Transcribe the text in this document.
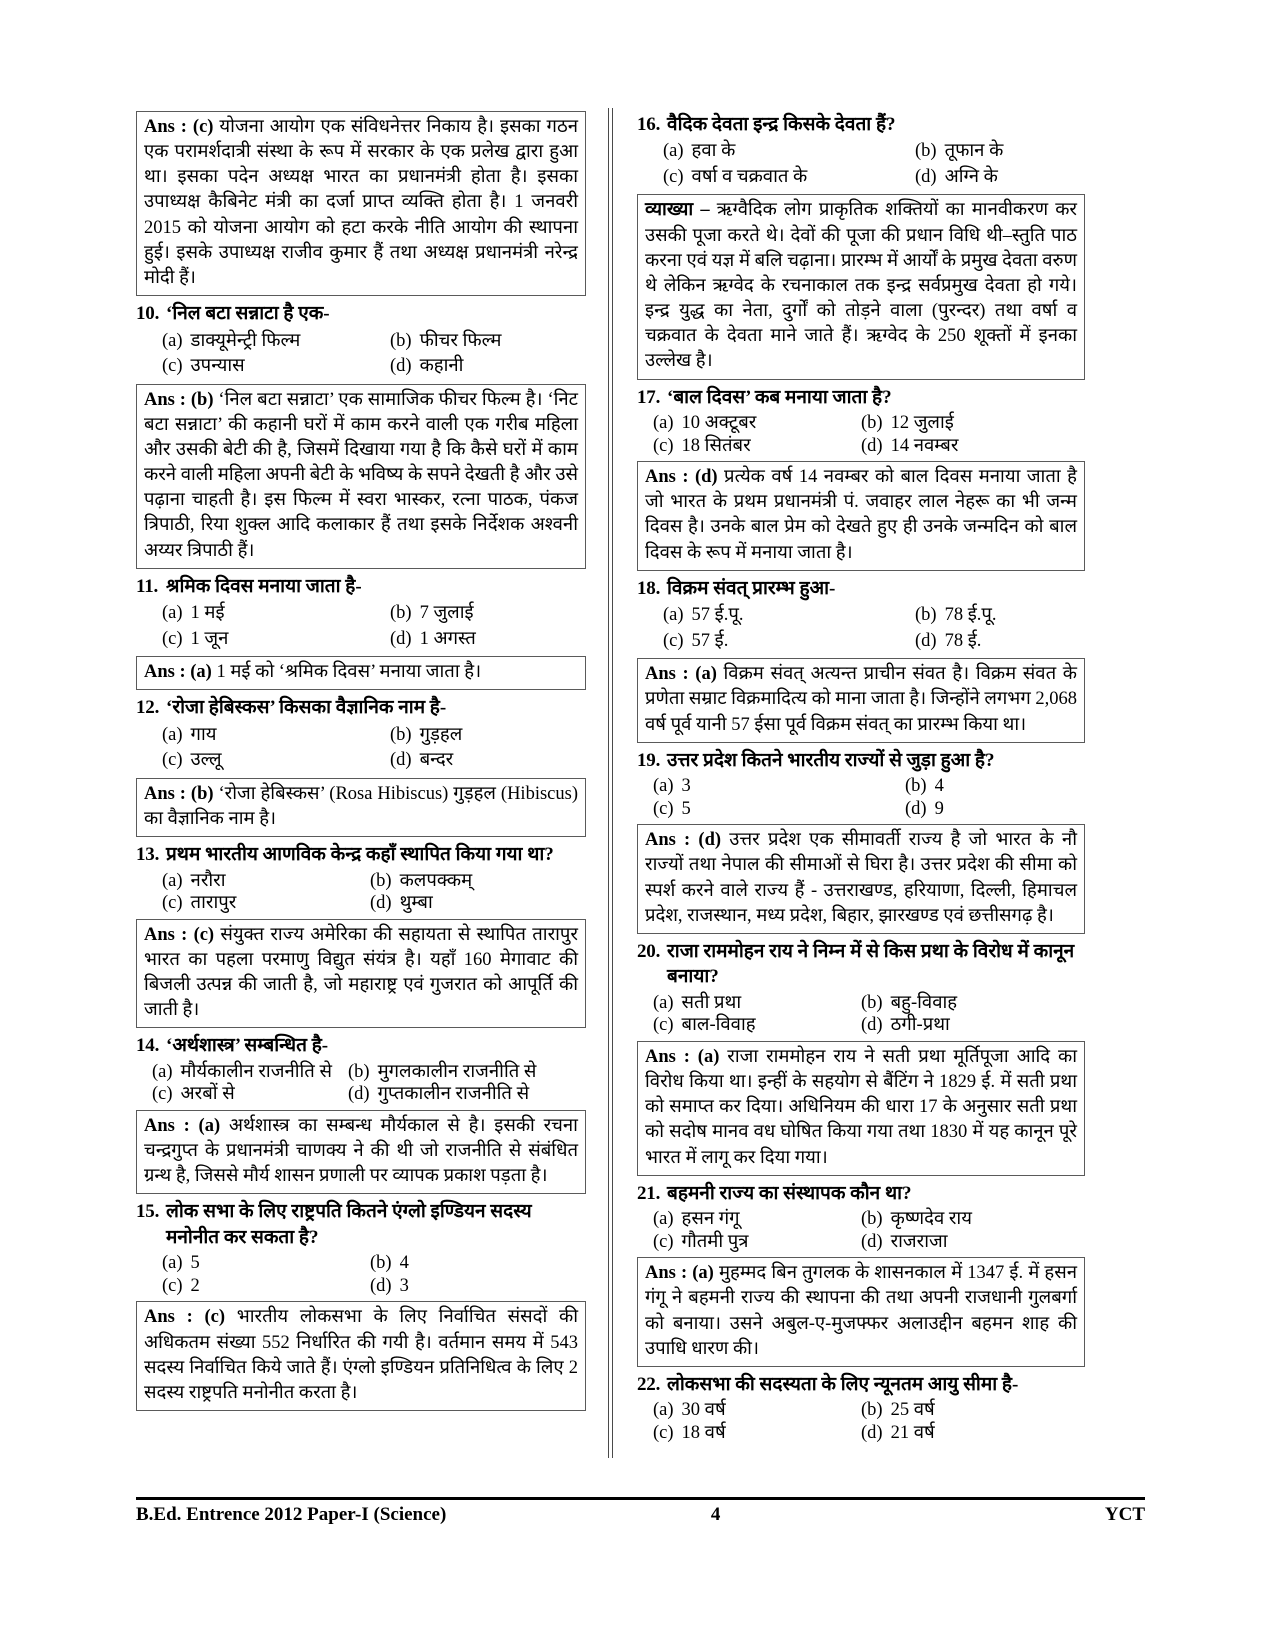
Ans : (c) योजना आयोग एक संविधनेत्तर निकाय है। इसका गठन एक परामर्शदात्री संस्था के रूप में सरकार के एक प्रलेख द्वारा हुआ था। इसका पदेन अध्यक्ष भारत का प्रधानमंत्री होता है। इसका उपाध्यक्ष कैबिनेट मंत्री का दर्जा प्राप्त व्यक्ति होता है। 1 जनवरी 2015 को योजना आयोग को हटा करके नीति आयोग की स्थापना हुई। इसके उपाध्यक्ष राजीव कुमार हैं तथा अध्यक्ष प्रधानमंत्री नरेन्द्र मोदी हैं।
10. ‘निल बटा सन्नाटा है एक-
(a) डाक्यूमेन्ट्री फिल्म	(b) फीचर फिल्म
(c) उपन्यास	(d) कहानी
Ans : (b) ‘निल बटा सन्नाटा’ एक सामाजिक फीचर फिल्म है। ‘निट बटा सन्नाटा’ की कहानी घरों में काम करने वाली एक गरीब महिला और उसकी बेटी की है, जिसमें दिखाया गया है कि कैसे घरों में काम करने वाली महिला अपनी बेटी के भविष्य के सपने देखती है और उसे पढ़ाना चाहती है। इस फिल्म में स्वरा भास्कर, रत्ना पाठक, पंकज त्रिपाठी, रिया शुक्ल आदि कलाकार हैं तथा इसके निर्देशक अश्वनी अय्यर त्रिपाठी हैं।
11. श्रमिक दिवस मनाया जाता है-
(a) 1 मई	(b) 7 जुलाई
(c) 1 जून	(d) 1 अगस्त
Ans : (a) 1 मई को ‘श्रमिक दिवस’ मनाया जाता है।
12. ‘रोजा हेबिस्कस’ किसका वैज्ञानिक नाम है-
(a) गाय	(b) गुड़हल
(c) उल्लू	(d) बन्दर
Ans : (b) ‘रोजा हेबिस्कस’ (Rosa Hibiscus) गुड़हल (Hibiscus) का वैज्ञानिक नाम है।
13. प्रथम भारतीय आणविक केन्द्र कहाँ स्थापित किया गया था?
(a) नरौरा	(b) कलपक्कम्
(c) तारापुर	(d) थुम्बा
Ans : (c) संयुक्त राज्य अमेरिका की सहायता से स्थापित तारापुर भारत का पहला परमाणु विद्युत संयंत्र है। यहाँ 160 मेगावाट की बिजली उत्पन्न की जाती है, जो महाराष्ट्र एवं गुजरात को आपूर्ति की जाती है।
14. ‘अर्थशास्त्र’ सम्बन्धित है-
(a) मौर्यकालीन राजनीति से (b) मुगलकालीन राजनीति से
(c) अरबों से	(d) गुप्तकालीन राजनीति से
Ans : (a) अर्थशास्त्र का सम्बन्ध मौर्यकाल से है। इसकी रचना चन्द्रगुप्त के प्रधानमंत्री चाणक्य ने की थी जो राजनीति से संबंधित ग्रन्थ है, जिससे मौर्य शासन प्रणाली पर व्यापक प्रकाश पड़ता है।
15. लोक सभा के लिए राष्ट्रपति कितने एंग्लो इण्डियन सदस्य मनोनीत कर सकता है?
(a) 5	(b) 4
(c) 2	(d) 3
Ans : (c) भारतीय लोकसभा के लिए निर्वाचित संसदों की अधिकतम संख्या 552 निर्धारित की गयी है। वर्तमान समय में 543 सदस्य निर्वाचित किये जाते हैं। एंग्लो इण्डियन प्रतिनिधित्व के लिए 2 सदस्य राष्ट्रपति मनोनीत करता है।
16. वैदिक देवता इन्द्र किसके देवता हैं?
(a) हवा के	(b) तूफान के
(c) वर्षा व चक्रवात के	(d) अग्नि के
व्याख्या – ऋग्वैदिक लोग प्राकृतिक शक्तियों का मानवीकरण कर उसकी पूजा करते थे। देवों की पूजा की प्रधान विधि थी–स्तुति पाठ करना एवं यज्ञ में बलि चढ़ाना। प्रारम्भ में आर्यों के प्रमुख देवता वरुण थे लेकिन ऋग्वेद के रचनाकाल तक इन्द्र सर्वप्रमुख देवता हो गये। इन्द्र युद्ध का नेता, दुर्गों को तोड़ने वाला (पुरन्दर) तथा वर्षा व चक्रवात के देवता माने जाते हैं। ऋग्वेद के 250 शूक्तों में इनका उल्लेख है।
17. ‘बाल दिवस’ कब मनाया जाता है?
(a) 10 अक्टूबर	(b) 12 जुलाई
(c) 18 सितंबर	(d) 14 नवम्बर
Ans : (d) प्रत्येक वर्ष 14 नवम्बर को बाल दिवस मनाया जाता है जो भारत के प्रथम प्रधानमंत्री पं. जवाहर लाल नेहरू का भी जन्म दिवस है। उनके बाल प्रेम को देखते हुए ही उनके जन्मदिन को बाल दिवस के रूप में मनाया जाता है।
18. विक्रम संवत् प्रारम्भ हुआ-
(a) 57 ई.पू.	(b) 78 ई.पू.
(c) 57 ई.	(d) 78 ई.
Ans : (a) विक्रम संवत् अत्यन्त प्राचीन संवत है। विक्रम संवत के प्रणेता सम्राट विक्रमादित्य को माना जाता है। जिन्होंने लगभग 2,068 वर्ष पूर्व यानी 57 ईसा पूर्व विक्रम संवत् का प्रारम्भ किया था।
19. उत्तर प्रदेश कितने भारतीय राज्यों से जुड़ा हुआ है?
(a) 3	(b) 4
(c) 5	(d) 9
Ans : (d) उत्तर प्रदेश एक सीमावर्ती राज्य है जो भारत के नौ राज्यों तथा नेपाल की सीमाओं से घिरा है। उत्तर प्रदेश की सीमा को स्पर्श करने वाले राज्य हैं - उत्तराखण्ड, हरियाणा, दिल्ली, हिमाचल प्रदेश, राजस्थान, मध्य प्रदेश, बिहार, झारखण्ड एवं छत्तीसगढ़ है।
20. राजा राममोहन राय ने निम्न में से किस प्रथा के विरोध में कानून बनाया?
(a) सती प्रथा	(b) बहु-विवाह
(c) बाल-विवाह	(d) ठगी-प्रथा
Ans : (a) राजा राममोहन राय ने सती प्रथा मूर्तिपूजा आदि का विरोध किया था। इन्हीं के सहयोग से बैंटिंग ने 1829 ई. में सती प्रथा को समाप्त कर दिया। अधिनियम की धारा 17 के अनुसार सती प्रथा को सदोष मानव वध घोषित किया गया तथा 1830 में यह कानून पूरे भारत में लागू कर दिया गया।
21. बहमनी राज्य का संस्थापक कौन था?
(a) हसन गंगू	(b) कृष्णदेव राय
(c) गौतमी पुत्र	(d) राजराजा
Ans : (a) मुहम्मद बिन तुगलक के शासनकाल में 1347 ई. में हसन गंगू ने बहमनी राज्य की स्थापना की तथा अपनी राजधानी गुलबर्गा को बनाया। उसने अबुल-ए-मुजफ्फर अलाउद्दीन बहमन शाह की उपाधि धारण की।
22. लोकसभा की सदस्यता के लिए न्यूनतम आयु सीमा है-
(a) 30 वर्ष	(b) 25 वर्ष
(c) 18 वर्ष	(d) 21 वर्ष
B.Ed. Entrence 2012 Paper-I (Science)	4	YCT
